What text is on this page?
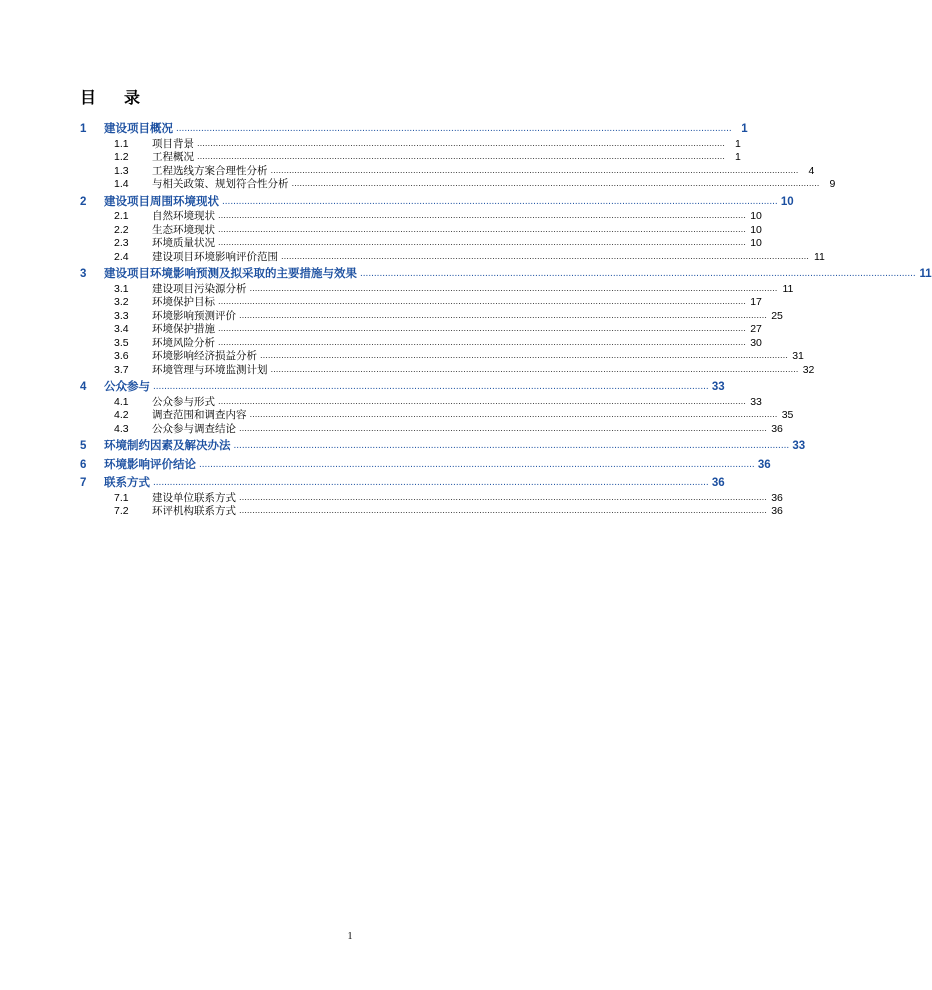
目　录
1	建设项目概况 ........................................................................................................................................................................................................ 1
1.1	项目背景 ........................................................................................................................................................................................................ 1
1.2	工程概况 ........................................................................................................................................................................................................ 1
1.3	工程选线方案合理性分析 ........................................................................................................................................................................................................ 4
1.4	与相关政策、规划符合性分析 ........................................................................................................................................................................................................ 9
2	建设项目周围环境现状 ........................................................................................................................................................................................................ 10
2.1	自然环境现状 ........................................................................................................................................................................................................ 10
2.2	生态环境现状 ........................................................................................................................................................................................................ 10
2.3	环境质量状况 ........................................................................................................................................................................................................ 10
2.4	建设项目环境影响评价范围 ........................................................................................................................................................................................................ 11
3	建设项目环境影响预测及拟采取的主要措施与效果 ........................................................................................................................................................................................................ 11
3.1	建设项目污染源分析 ........................................................................................................................................................................................................ 11
3.2	环境保护目标 ........................................................................................................................................................................................................ 17
3.3	环境影响预测评价 ........................................................................................................................................................................................................ 25
3.4	环境保护措施 ........................................................................................................................................................................................................ 27
3.5	环境风险分析 ........................................................................................................................................................................................................ 30
3.6	环境影响经济损益分析 ........................................................................................................................................................................................................ 31
3.7	环境管理与环境监测计划 ........................................................................................................................................................................................................ 32
4	公众参与 ........................................................................................................................................................................................................ 33
4.1	公众参与形式 ........................................................................................................................................................................................................ 33
4.2	调查范围和调查内容 ........................................................................................................................................................................................................ 35
4.3	公众参与调查结论 ........................................................................................................................................................................................................ 36
5	环境制约因素及解决办法 ........................................................................................................................................................................................................ 33
6	环境影响评价结论 ........................................................................................................................................................................................................ 36
7	联系方式 ........................................................................................................................................................................................................ 36
7.1	建设单位联系方式 ........................................................................................................................................................................................................ 36
7.2	环评机构联系方式 ........................................................................................................................................................................................................ 36
1
